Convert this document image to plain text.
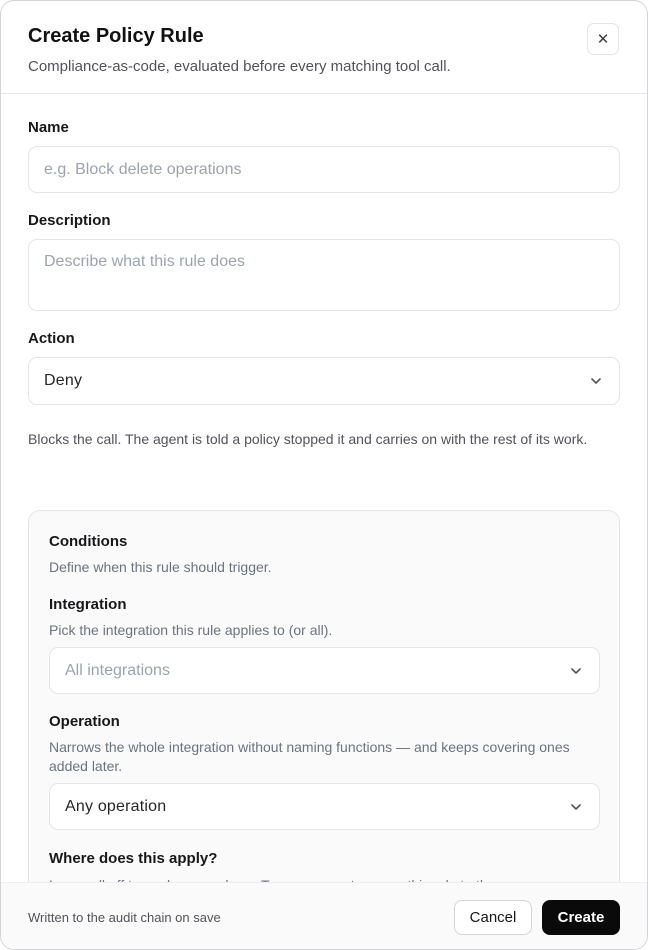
Create Policy Rule
Compliance-as-code, evaluated before every matching tool call.
✕
Name
e.g. Block delete operations
Description
Describe what this rule does
Action
Deny
Blocks the call. The agent is told a policy stopped it and carries on with the rest of its work.
Conditions
Define when this rule should trigger.
Integration
Pick the integration this rule applies to (or all).
All integrations
Operation
Narrows the whole integration without naming functions — and keeps covering ones added later.
Any operation
Where does this apply?
Written to the audit chain on save	Cancel	Create
